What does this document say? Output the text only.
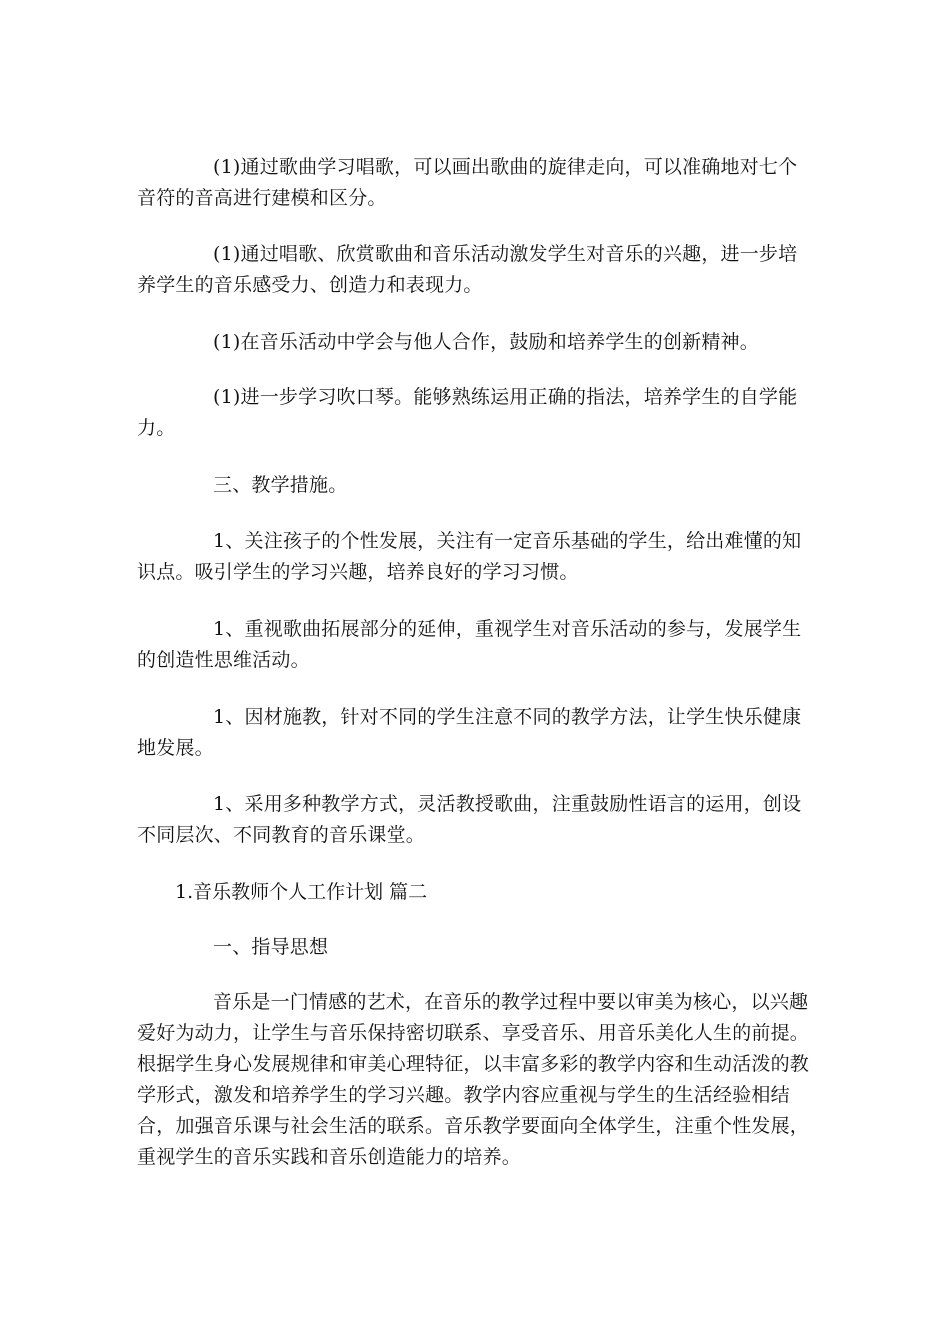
(1)通过歌曲学习唱歌，可以画出歌曲的旋律走向，可以准确地对七个音符的音高进行建模和区分。

(1)通过唱歌、欣赏歌曲和音乐活动激发学生对音乐的兴趣，进一步培养学生的音乐感受力、创造力和表现力。

(1)在音乐活动中学会与他人合作，鼓励和培养学生的创新精神。

(1)进一步学习吹口琴。能够熟练运用正确的指法，培养学生的自学能力。

三、教学措施。

1、关注孩子的个性发展，关注有一定音乐基础的学生，给出难懂的知识点。吸引学生的学习兴趣，培养良好的学习习惯。

1、重视歌曲拓展部分的延伸，重视学生对音乐活动的参与，发展学生的创造性思维活动。

1、因材施教，针对不同的学生注意不同的教学方法，让学生快乐健康地发展。

1、采用多种教学方式，灵活教授歌曲，注重鼓励性语言的运用，创设不同层次、不同教育的音乐课堂。

1.音乐教师个人工作计划 篇二

一、指导思想

音乐是一门情感的艺术，在音乐的教学过程中要以审美为核心，以兴趣爱好为动力，让学生与音乐保持密切联系、享受音乐、用音乐美化人生的前提。根据学生身心发展规律和审美心理特征，以丰富多彩的教学内容和生动活泼的教学形式，激发和培养学生的学习兴趣。教学内容应重视与学生的生活经验相结合，加强音乐课与社会生活的联系。音乐教学要面向全体学生，注重个性发展，重视学生的音乐实践和音乐创造能力的培养。
